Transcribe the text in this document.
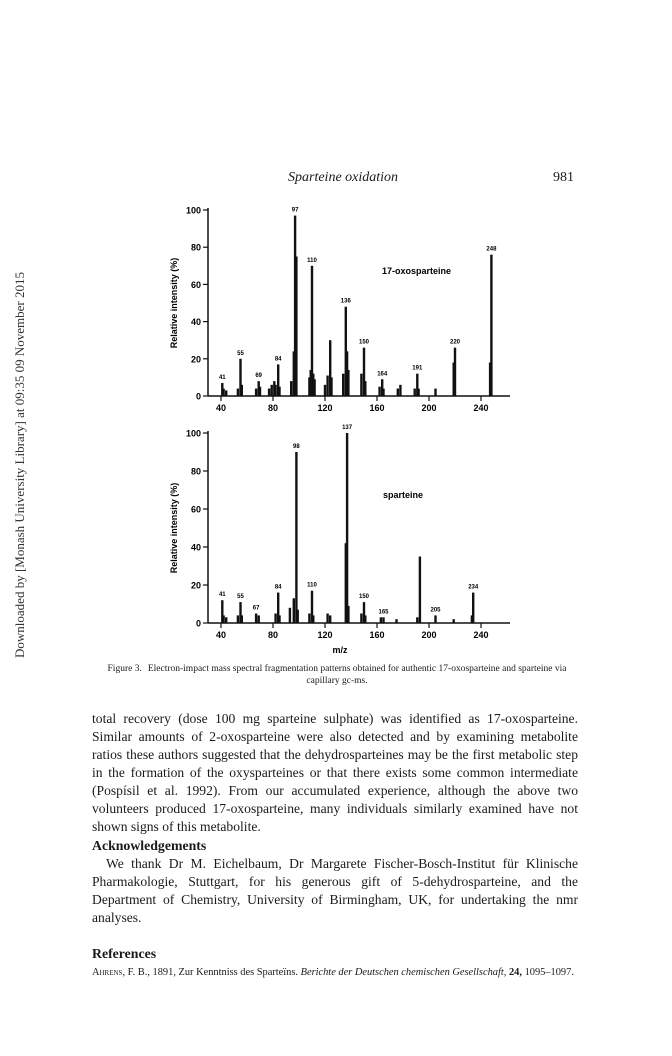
Downloaded by [Monash University Library] at 09:35 09 November 2015
Sparteine oxidation	981
0
20
40
60
80
100
40	80	120	160	200	240
Relative intensity (%)	17-oxosparteine
41
55
69
84
97
110
136
150
164
191
220
248
0
20
40
60
80
100
40	80	120	160	200	240
Relative intensity (%)	sparteine
41 55
67
84
98
110
137
150
165	205
234
m/z
Figure 3. Electron-impact mass spectral fragmentation patterns obtained for authentic 17-oxosparteine and sparteine via capillary gc-ms.

total recovery (dose 100 mg sparteine sulphate) was identified as 17-oxosparteine. Similar amounts of 2-oxosparteine were also detected and by examining metabolite ratios these authors suggested that the dehydrosparteines may be the first metabolic step in the formation of the oxysparteines or that there exists some common intermediate (Pospísil et al. 1992). From our accumulated experience, although the above two volunteers produced 17-oxosparteine, many individuals similarly examined have not shown signs of this metabolite.

Acknowledgements

We thank Dr M. Eichelbaum, Dr Margarete Fischer-Bosch-Institut für Klinische Pharmakologie, Stuttgart, for his generous gift of 5-dehydrosparteine, and the Department of Chemistry, University of Birmingham, UK, for undertaking the nmr analyses.

References

Ahrens, F. B., 1891, Zur Kenntniss des Sparteïns. Berichte der Deutschen chemischen Gesellschaft, 24, 1095–1097.
